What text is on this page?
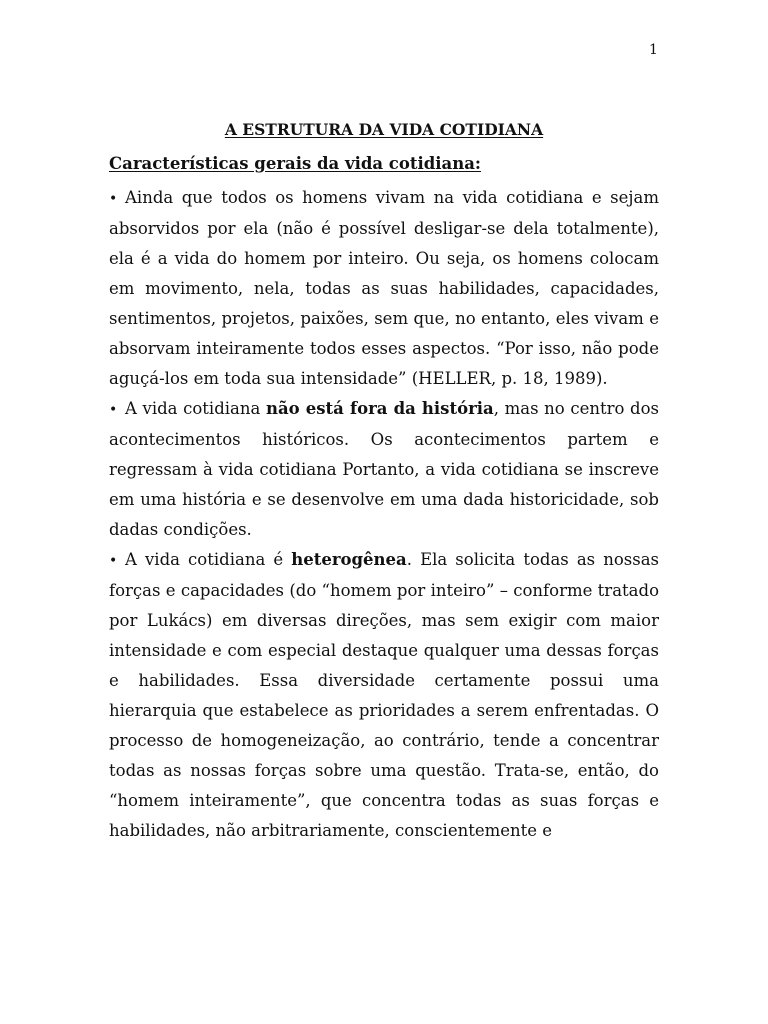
1
A ESTRUTURA DA VIDA COTIDIANA
Características gerais da vida cotidiana:

• Ainda que todos os homens vivam na vida cotidiana e sejam absorvidos por ela (não é possível desligar-se dela totalmente), ela é a vida do homem por inteiro. Ou seja, os homens colocam em movimento, nela, todas as suas habilidades, capacidades, sentimentos, projetos, paixões, sem que, no entanto, eles vivam e absorvam inteiramente todos esses aspectos. “Por isso, não pode aguçá-los em toda sua intensidade” (HELLER, p. 18, 1989).

• A vida cotidiana não está fora da história, mas no centro dos acontecimentos históricos. Os acontecimentos partem e regressam à vida cotidiana Portanto, a vida cotidiana se inscreve em uma história e se desenvolve em uma dada historicidade, sob dadas condições.

• A vida cotidiana é heterogênea. Ela solicita todas as nossas forças e capacidades (do “homem por inteiro” – conforme tratado por Lukács) em diversas direções, mas sem exigir com maior intensidade e com especial destaque qualquer uma dessas forças e habilidades. Essa diversidade certamente possui uma hierarquia que estabelece as prioridades a serem enfrentadas. O processo de homogeneização, ao contrário, tende a concentrar todas as nossas forças sobre uma questão. Trata-se, então, do “homem inteiramente”, que concentra todas as suas forças e habilidades, não arbitrariamente, conscientemente e
